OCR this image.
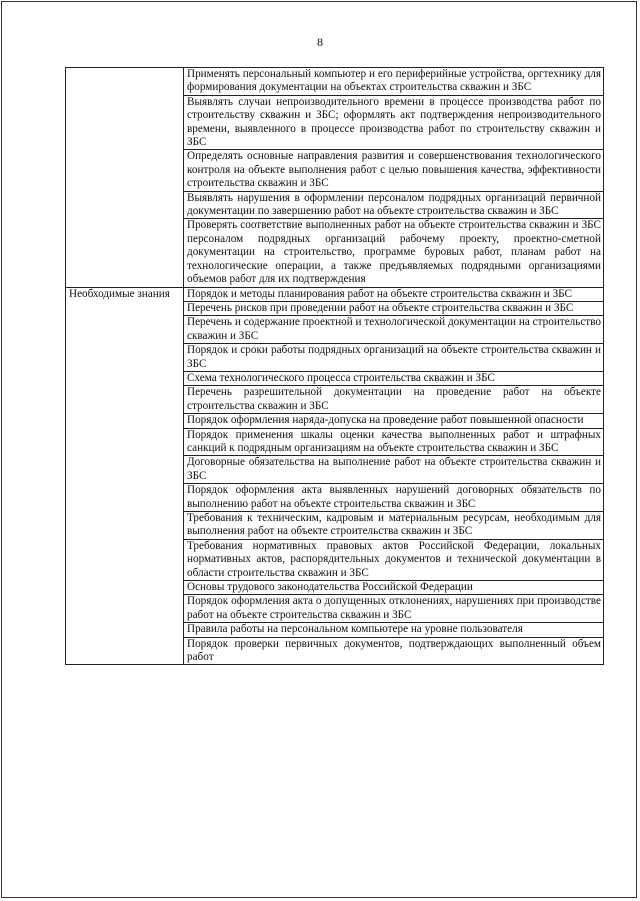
8
	Применять персональный компьютер и его периферийные устройства, оргтехнику для формирования документации на объектах строительства скважин и ЗБС
	Выявлять случаи непроизводительного времени в процессе производства работ по строительству скважин и ЗБС; оформлять акт подтверждения непроизводительного времени, выявленного в процессе производства работ по строительству скважин и ЗБС
	Определять основные направления развития и совершенствования технологического контроля на объекте выполнения работ с целью повышения качества, эффективности строительства скважин и ЗБС
	Выявлять нарушения в оформлении персоналом подрядных организаций первичной документации по завершению работ на объекте строительства скважин и ЗБС
	Проверять соответствие выполненных работ на объекте строительства скважин и ЗБС персоналом подрядных организаций рабочему проекту, проектно-сметной документации на строительство, программе буровых работ, планам работ на технологические операции, а также предъявляемых подрядными организациями объемов работ для их подтверждения
Необходимые знания	Порядок и методы планирования работ на объекте строительства скважин и ЗБС
	Перечень рисков при проведении работ на объекте строительства скважин и ЗБС
	Перечень и содержание проектной и технологической документации на строительство скважин и ЗБС
	Порядок и сроки работы подрядных организаций на объекте строительства скважин и ЗБС
	Схема технологического процесса строительства скважин и ЗБС
	Перечень разрешительной документации на проведение работ на объекте строительства скважин и ЗБС
	Порядок оформления наряда-допуска на проведение работ повышенной опасности
	Порядок применения шкалы оценки качества выполненных работ и штрафных санкций к подрядным организациям на объекте строительства скважин и ЗБС
	Договорные обязательства на выполнение работ на объекте строительства скважин и ЗБС
	Порядок оформления акта выявленных нарушений договорных обязательств по выполнению работ на объекте строительства скважин и ЗБС
	Требования к техническим, кадровым и материальным ресурсам, необходимым для выполнения работ на объекте строительства скважин и ЗБС
	Требования нормативных правовых актов Российской Федерации, локальных нормативных актов, распорядительных документов и технической документации в области строительства скважин и ЗБС
	Основы трудового законодательства Российской Федерации
	Порядок оформления акта о допущенных отклонениях, нарушениях при производстве работ на объекте строительства скважин и ЗБС
	Правила работы на персональном компьютере на уровне пользователя
	Порядок проверки первичных документов, подтверждающих выполненный объем работ
